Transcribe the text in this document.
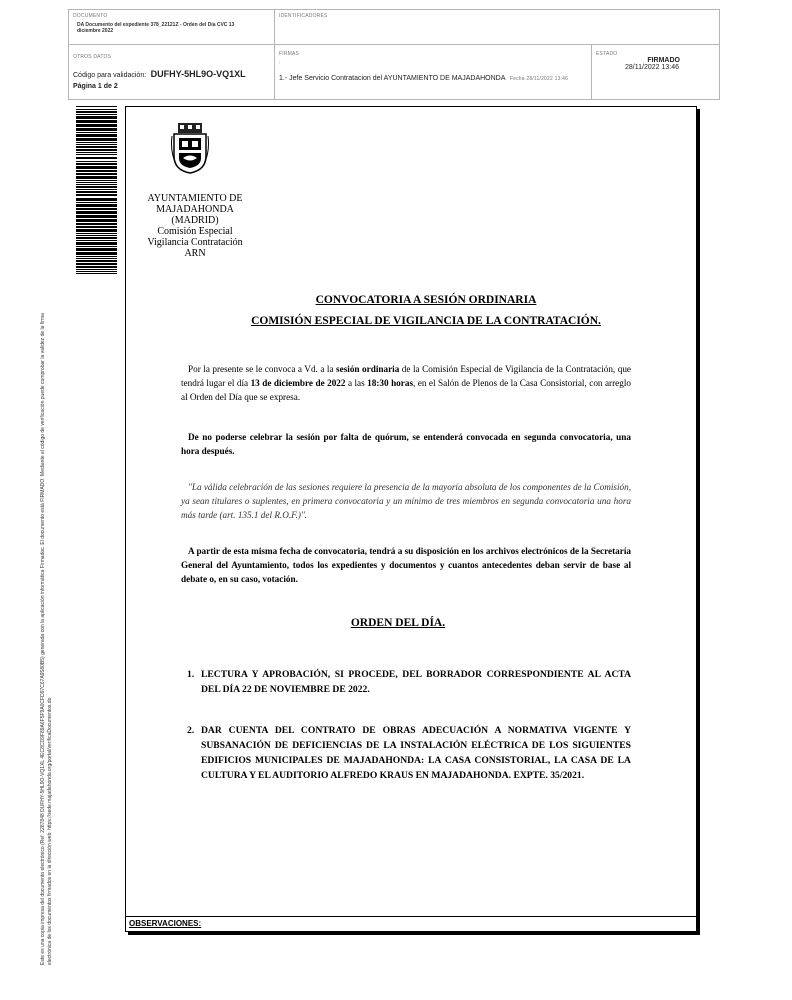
DOCUMENTO
DA Documento del expediente 378_22121Z - Orden del Día CVC 13 diciembre 2022
IDENTIFICADORES
OTROS DATOS
Código para validación: DUFHY-5HL9O-VQ1XL
Página 1 de 2
FIRMAS
:
1.- Jefe Servicio Contratacion del AYUNTAMIENTO DE MAJADAHONDA Fecha 28/11/2022 13:46
ESTADO
FIRMADO
28/11/2022 13:46
Este es una copia impresa del documento electrónico (Ref: 2287848 DUFHY-5HL9O-VQ1XL 4EC8CD9F89A6F5F9A0CFD97C67A9580B5) generada con la aplicación informática Firmadoc. El documento está FIRMADO. Mediante el código de verificación puede comprobar la validez de la firma electrónica de los documentos firmados en la dirección web: https://sede.majadahonda.org/portal/verificaDocumentos.do
AYUNTAMIENTO DE
MAJADAHONDA
(MADRID)
Comisión Especial
Vigilancia Contratación
ARN
CONVOCATORIA A SESIÓN ORDINARIA
COMISIÓN ESPECIAL DE VIGILANCIA DE LA CONTRATACIÓN.
Por la presente se le convoca a Vd. a la sesión ordinaria de la Comisión Especial de Vigilancia de la Contratación, que tendrá lugar el día 13 de diciembre de 2022 a las 18:30 horas, en el Salón de Plenos de la Casa Consistorial, con arreglo al Orden del Día que se expresa.
De no poderse celebrar la sesión por falta de quórum, se entenderá convocada en segunda convocatoria, una hora después.
"La válida celebración de las sesiones requiere la presencia de la mayoría absoluta de los componentes de la Comisión, ya sean titulares o suplentes, en primera convocatoria y un mínimo de tres miembros en segunda convocatoria una hora más tarde (art. 135.1 del R.O.F.)".
A partir de esta misma fecha de convocatoria, tendrá a su disposición en los archivos electrónicos de la Secretaría General del Ayuntamiento, todos los expedientes y documentos y cuantos antecedentes deban servir de base al debate o, en su caso, votación.
ORDEN DEL DÍA.
1. LECTURA Y APROBACIÓN, SI PROCEDE, DEL BORRADOR CORRESPONDIENTE AL ACTA DEL DÍA 22 DE NOVIEMBRE DE 2022.
2. DAR CUENTA DEL CONTRATO DE OBRAS ADECUACIÓN A NORMATIVA VIGENTE Y SUBSANACIÓN DE DEFICIENCIAS DE LA INSTALACIÓN ELÉCTRICA DE LOS SIGUIENTES EDIFICIOS MUNICIPALES DE MAJADAHONDA: LA CASA CONSISTORIAL, LA CASA DE LA CULTURA Y EL AUDITORIO ALFREDO KRAUS EN MAJADAHONDA. EXPTE. 35/2021.
OBSERVACIONES:
